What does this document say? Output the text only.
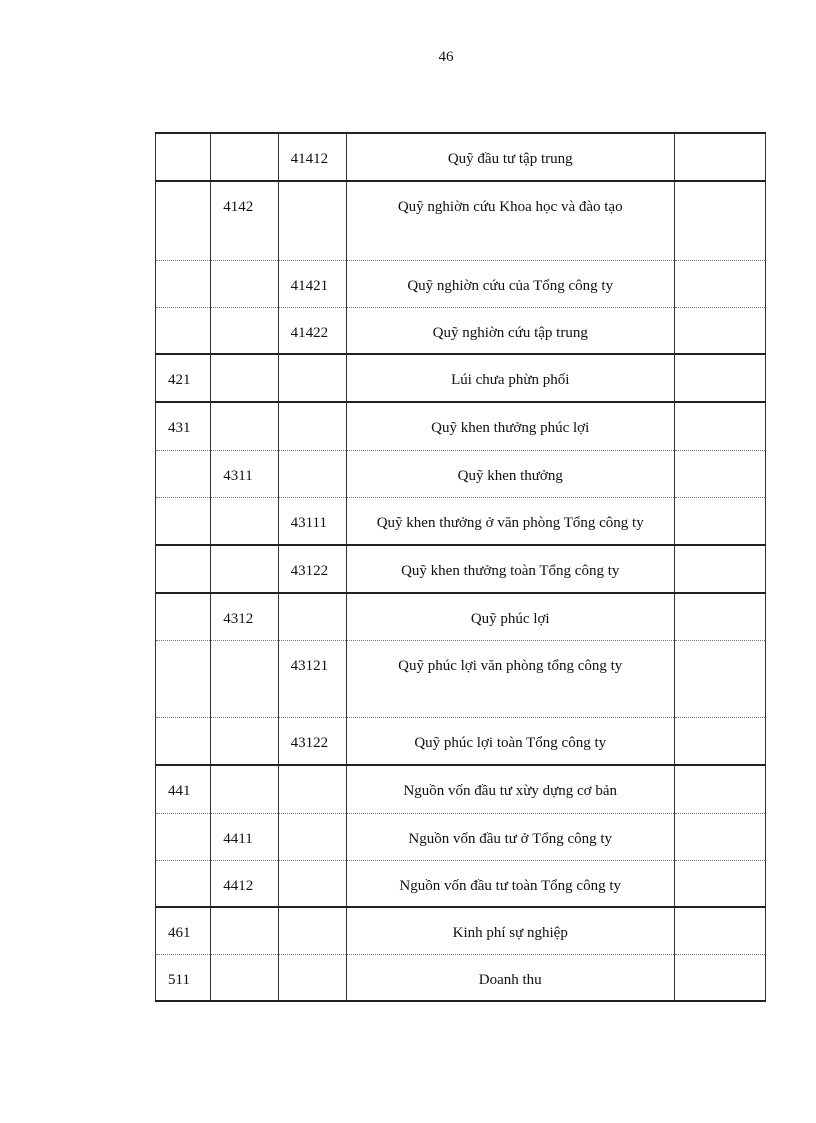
46
		41412	Quỹ đầu tư tập trung	

	4142		Quỹ nghiờn cứu Khoa học và đào tạo	

		41421	Quỹ nghiờn cứu của Tổng công ty	

		41422	Quỹ nghiờn cứu tập trung	

421			Lúi chưa phừn phối	

431			Quỹ khen thưởng phúc lợi	

	4311		Quỹ khen thưởng	

		43111	Quỹ khen thưởng ở văn phòng Tổng công ty	

		43122	Quỹ khen thưởng toàn Tổng công ty	

	4312		Quỹ phúc lợi	

		43121	Quỹ phúc lợi văn phòng tổng công ty	

		43122	Quỹ phúc lợi toàn Tổng công ty	

441			Nguồn vốn đầu tư xừy dựng cơ bản	

	4411		Nguồn vốn đầu tư ở Tổng công ty	

	4412		Nguồn vốn đầu tư toàn Tổng công ty	

461			Kinh phí sự nghiệp	

511			Doanh thu	
